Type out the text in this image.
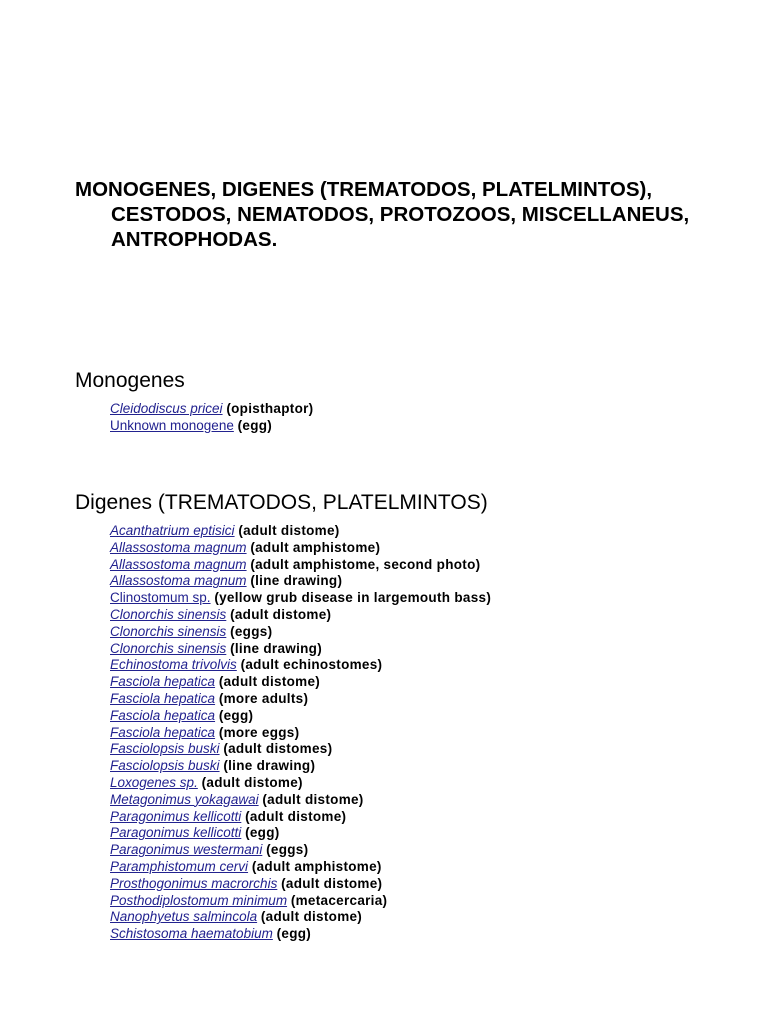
MONOGENES, DIGENES (TREMATODOS, PLATELMINTOS), CESTODOS, NEMATODOS, PROTOZOOS, MISCELLANEUS, ANTROPHODAS.
Monogenes
Cleidodiscus pricei (opisthaptor)
Unknown monogene (egg)
Digenes (TREMATODOS, PLATELMINTOS)
Acanthatrium eptisici (adult distome)
Allassostoma magnum (adult amphistome)
Allassostoma magnum (adult amphistome, second photo)
Allassostoma magnum (line drawing)
Clinostomum sp. (yellow grub disease in largemouth bass)
Clonorchis sinensis (adult distome)
Clonorchis sinensis (eggs)
Clonorchis sinensis (line drawing)
Echinostoma trivolvis (adult echinostomes)
Fasciola hepatica (adult distome)
Fasciola hepatica (more adults)
Fasciola hepatica (egg)
Fasciola hepatica (more eggs)
Fasciolopsis buski (adult distomes)
Fasciolopsis buski (line drawing)
Loxogenes sp. (adult distome)
Metagonimus yokagawai (adult distome)
Paragonimus kellicotti (adult distome)
Paragonimus kellicotti (egg)
Paragonimus westermani (eggs)
Paramphistomum cervi (adult amphistome)
Prosthogonimus macrorchis (adult distome)
Posthodiplostomum minimum (metacercaria)
Nanophyetus salmincola (adult distome)
Schistosoma haematobium (egg)
